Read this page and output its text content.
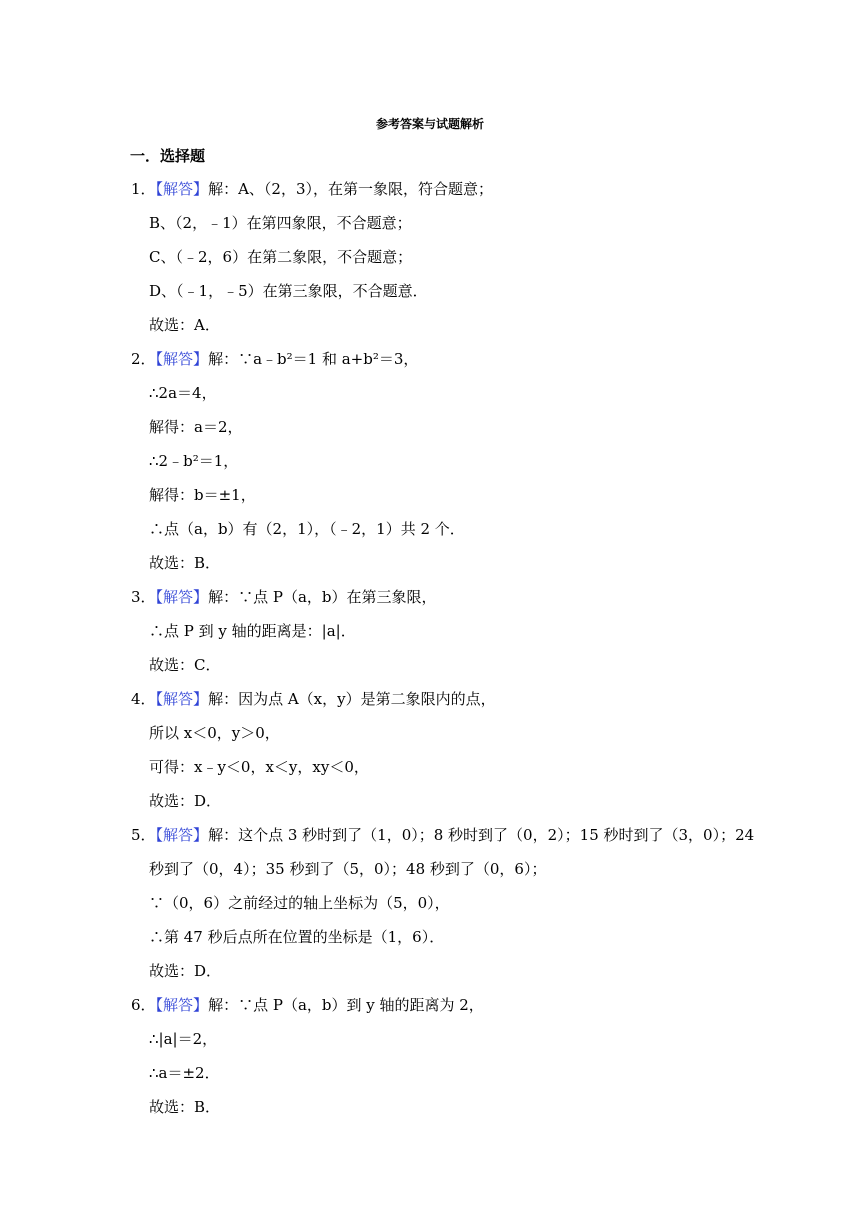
参考答案与试题解析
一．选择题
1．【解答】解：A、（2，3），在第一象限，符合题意；
B、（2，﹣1）在第四象限，不合题意；
C、（﹣2，6）在第二象限，不合题意；
D、（﹣1，﹣5）在第三象限，不合题意．
故选：A．
2．【解答】解：∵a﹣b²＝1 和 a+b²＝3，
∴2a＝4，
解得：a＝2，
∴2﹣b²＝1，
解得：b＝±1，
∴点（a，b）有（2，1），（﹣2，1）共 2 个．
故选：B．
3．【解答】解：∵点 P（a，b）在第三象限，
∴点 P 到 y 轴的距离是：|a|．
故选：C．
4．【解答】解：因为点 A（x，y）是第二象限内的点，
所以 x＜0，y＞0，
可得：x﹣y＜0，x＜y，xy＜0，
故选：D．
5．【解答】解：这个点 3 秒时到了（1，0）；8 秒时到了（0，2）；15 秒时到了（3，0）；24
秒到了（0，4）；35 秒到了（5，0）；48 秒到了（0，6）；
∵（0，6）之前经过的轴上坐标为（5，0），
∴第 47 秒后点所在位置的坐标是（1，6）．
故选：D．
6．【解答】解：∵点 P（a，b）到 y 轴的距离为 2，
∴|a|＝2，
∴a＝±2．
故选：B．
